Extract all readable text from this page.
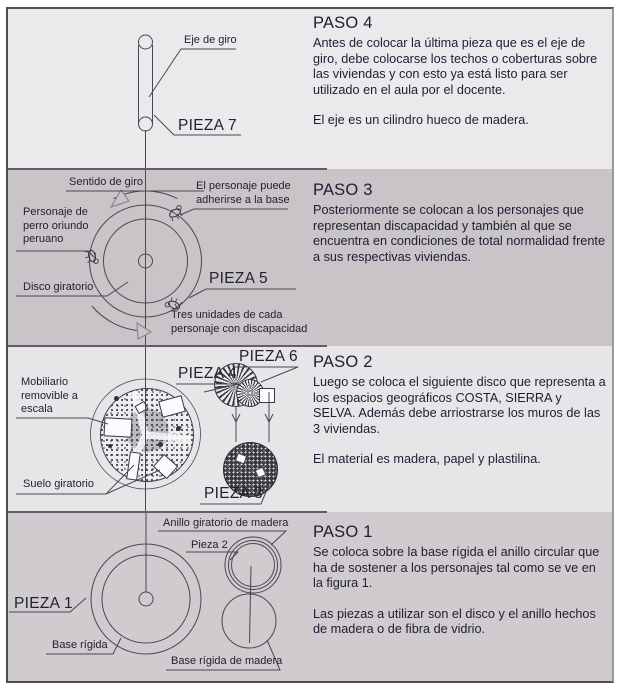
Eje de giro
PIEZA 7
PASO 4

Antes de colocar la última pieza que es el eje de giro, debe colocarse los techos o coberturas sobre las viviendas y con esto ya está listo para ser utilizado en el aula por el docente.

El eje es un cilindro hueco de madera.

Sentido de giro	El personaje puede adherirse a la base
Personaje de perro oriundo peruano
Disco giratorio	PIEZA 5
Tres unidades de cada personaje con discapacidad
PASO 3

Posteriormente se colocan a los personajes que representan discapacidad y también al que se encuentra en condiciones de total normalidad frente a sus respectivas viviendas.

Mobiliario removible a escala
PIEZA 4
PIEZA 6
Suelo giratorio
PIEZA 3
PASO 2

Luego se coloca el siguiente disco que representa a los espacios geográficos COSTA, SIERRA y SELVA. Además debe arriostrarse los muros de las 3 viviendas.

El material es madera, papel y plastilina.

Anillo giratorio de madera
Pieza 2
PIEZA 1
Base rígida
Base rígida de madera
PASO 1

Se coloca sobre la base rígida el anillo circular que ha de sostener a los personajes tal como se ve en la figura 1.

Las piezas a utilizar son el disco y el anillo hechos de madera o de fibra de vidrio.
